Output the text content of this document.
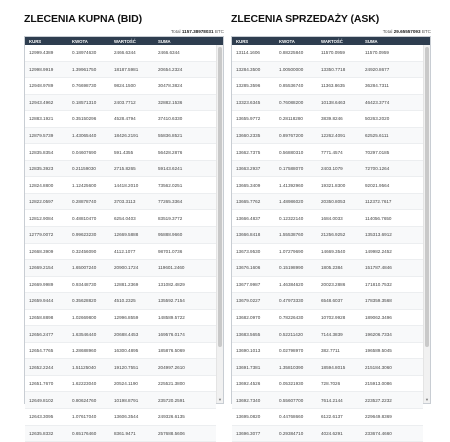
ZLECENIA KUPNA (BID)
Total 1157.38978031 BTC
KURS	KWOTA	WARTOŚĆ	SUMA
12999.4389	0.18974630	2466.6344	2466.6344
12998.9919	1.39961750	18187.5981	20654.2324
12948.9789	0.76698730	9824.1500	30478.3824
12943.4962	0.18571310	2403.7712	32882.1536
12883.1921	0.35150296	4528.4794	37410.6330
12879.5739	1.43065440	18426.2191	55836.8521
12835.8354	0.04607690	591.4355	56428.2876
12835.3923	0.21159030	2715.8265	59143.6241
12824.8800	1.12425600	14418.2010	73562.0251
12822.0597	0.28878740	3703.3113	77265.3364
12812.9084	0.48810470	6254.0403	83519.3772
12779.0072	0.99623230	12669.5888	95888.9660
12668.3909	0.32456090	4112.1077	98701.0736
12669.2154	1.65007240	20900.1724	119601.2460
12669.9989	0.93448730	12881.2369	131082.4829
12659.9444	0.35628820	4510.2325	135592.7154
12658.8898	1.02669800	12996.8559	148589.5722
12656.2477	1.63546440	20688.4453	169576.0174
12654.7765	1.28688960	16300.4895	185876.5069
12652.2244	1.51125040	19120.7551	204997.2610
12651.7670	1.62223040	20524.1190	225521.3800
12649.8102	0.80624760	10198.8791	235720.2591
12643.3095	1.07617040	13606.3544	249326.6135
12635.8332	0.65176460	8361.9471	257688.5606
▼
ZLECENIA SPRZEDAŻY (ASK)
Total 29.65557093 BTC
KURS	KWOTA	WARTOŚĆ	SUMA
13114.1606	0.88225840	11570.0959	11570.0959
13284.3500	1.00500000	13350.7718	24920.8677
13285.3596	0.85536740	11363.8635	36284.7311
13323.6345	0.76088200	10138.6463	46423.3774
13655.9772	0.28118280	3839.8246	50263.2020
13660.2335	0.89767200	12262.4091	62525.6111
13662.7375	0.56880310	7771.4574	70297.0185
13663.2937	0.17588070	2403.1079	72700.1264
13665.3409	1.41392960	19321.8300	92021.9564
13665.7762	1.48986020	20350.8053	112372.7617
13666.4837	0.12322140	1684.0033	114056.7650
13666.8418	1.55538760	21256.9252	135313.6912
13673.9530	1.07279690	14669.3540	149982.2452
13676.1606	0.15198990	1805.2384	151787.4846
13677.9987	1.46384620	20023.2886	171810.7532
13679.0227	0.47973330	6548.6037	178359.3568
13682.0970	0.78226430	10702.9928	189062.3496
13683.5655	0.52211420	7144.3839	196206.7334
13690.1013	0.02798970	382.7711	196589.5045
13691.7381	1.35810390	18594.8015	215184.3060
13692.4526	0.05321930	728.7026	215913.0086
13692.7340	0.55607700	7614.2144	223527.2232
13695.0820	0.44768660	6122.6137	229649.8369
13696.3077	0.29384710	4024.6291	233674.4660
▼
